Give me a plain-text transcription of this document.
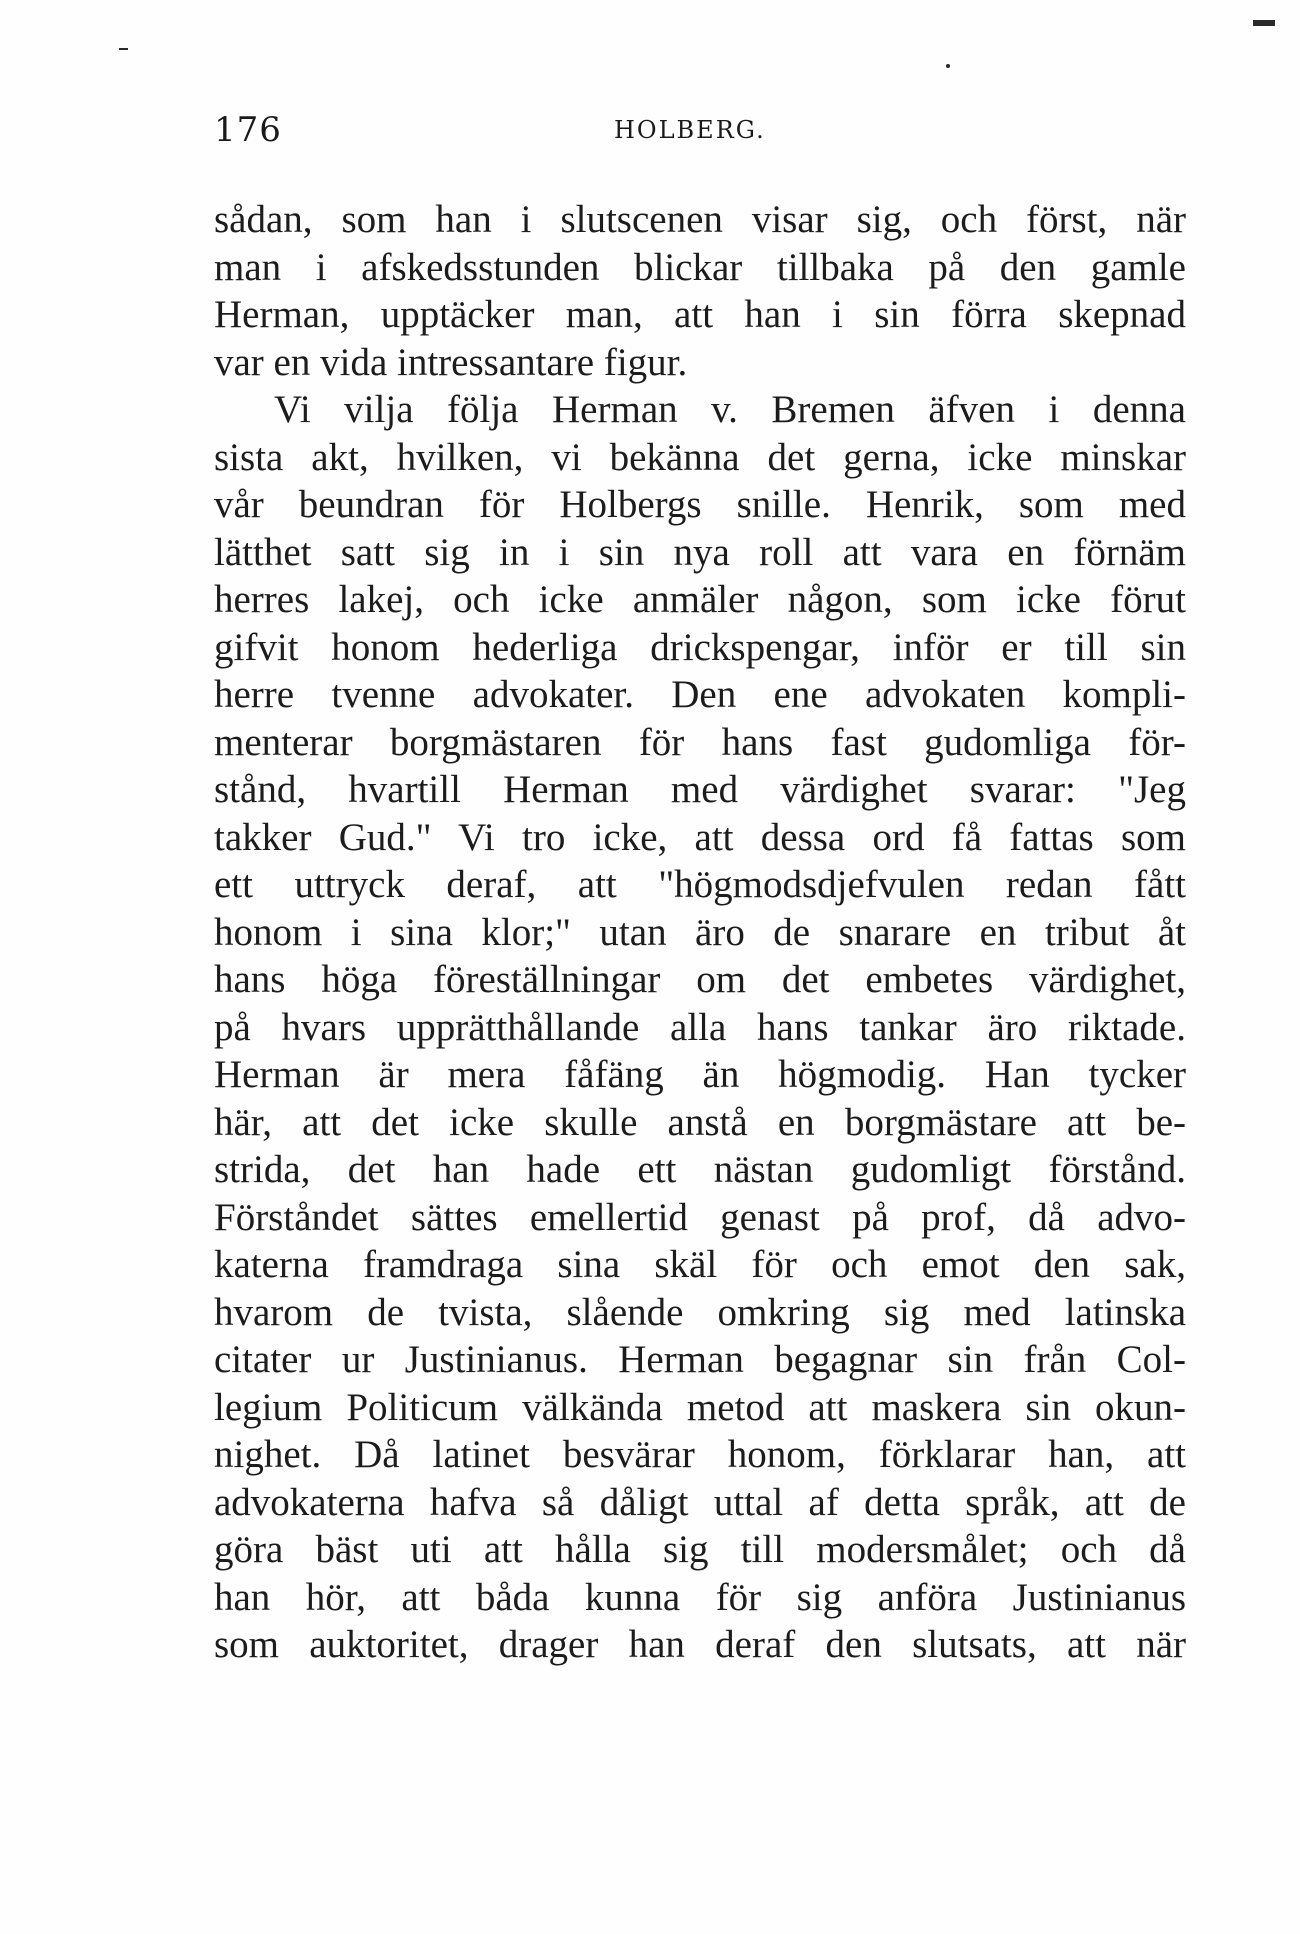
176	HOLBERG.
sådan, som han i slutscenen visar sig, och först, när
man i afskedsstunden blickar tillbaka på den gamle
Herman, upptäcker man, att han i sin förra skepnad
var en vida intressantare figur.
Vi vilja följa Herman v. Bremen äfven i denna
sista akt, hvilken, vi bekänna det gerna, icke minskar
vår beundran för Holbergs snille. Henrik, som med
lätthet satt sig in i sin nya roll att vara en förnäm
herres lakej, och icke anmäler någon, som icke förut
gifvit honom hederliga drickspengar, inför er till sin
herre tvenne advokater. Den ene advokaten kompli-
menterar borgmästaren för hans fast gudomliga för-
stånd, hvartill Herman med värdighet svarar: "Jeg
takker Gud." Vi tro icke, att dessa ord få fattas som
ett uttryck deraf, att "högmodsdjefvulen redan fått
honom i sina klor;" utan äro de snarare en tribut åt
hans höga föreställningar om det embetes värdighet,
på hvars upprätthållande alla hans tankar äro riktade.
Herman är mera fåfäng än högmodig. Han tycker
här, att det icke skulle anstå en borgmästare att be-
strida, det han hade ett nästan gudomligt förstånd.
Förståndet sättes emellertid genast på prof, då advo-
katerna framdraga sina skäl för och emot den sak,
hvarom de tvista, slående omkring sig med latinska
citater ur Justinianus. Herman begagnar sin från Col-
legium Politicum välkända metod att maskera sin okun-
nighet. Då latinet besvärar honom, förklarar han, att
advokaterna hafva så dåligt uttal af detta språk, att de
göra bäst uti att hålla sig till modersmålet; och då
han hör, att båda kunna för sig anföra Justinianus
som auktoritet, drager han deraf den slutsats, att när
